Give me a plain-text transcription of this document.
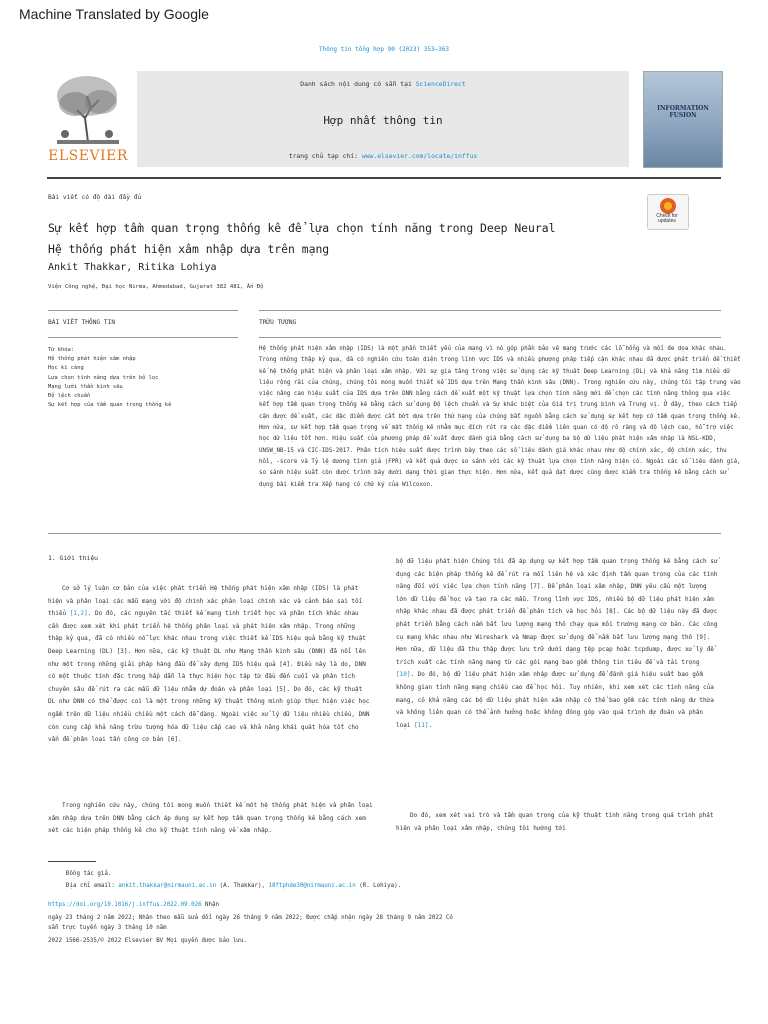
Machine Translated by Google
Thông tin tổng hợp 90 (2023) 353–363
ELSEVIER
Danh sách nội dung có sẵn tại ScienceDirect
Hợp nhất thông tin
trang chủ tạp chí: www.elsevier.com/locate/inffus
INFORMATION FUSION
Bài viết có độ dài đầy đủ
Sự kết hợp tầm quan trọng thống kê để lựa chọn tính năng trong Deep Neural
Hệ thống phát hiện xâm nhập dựa trên mạng
Ankit Thakkar, Ritika Lohiya
Viện Công nghệ, Đại học Nirma, Ahmedabad, Gujarat 382 481, Ấn Độ
Check for updates
BÀI VIẾT THÔNG TIN
Từ khóa:
Hệ thống phát hiện xâm nhập
Học kĩ càng
Lựa chọn tính năng dựa trên bộ lọc
Mạng lưới thần kinh sâu
Độ lệch chuẩn
Sự kết hợp của tầm quan trọng thống kê
TRỪU TƯỢNG
Hệ thống phát hiện xâm nhập (IDS) là một phần thiết yếu của mạng vì nó góp phần bảo vệ mạng trước các lỗ hổng và mối đe dọa khác nhau. Trong những thập kỷ qua, đã có nghiên cứu toàn diện trong lĩnh vực IDS và nhiều phương pháp tiếp cận khác nhau đã được phát triển để thiết kế hệ thống phát hiện và phân loại xâm nhập. Với sự gia tăng trong việc sử dụng các kỹ thuật Deep Learning (DL) và khả năng tìm hiểu dữ liệu rộng rãi của chúng, chúng tôi mong muốn thiết kế IDS dựa trên Mạng thần kinh sâu (DNN). Trong nghiên cứu này, chúng tôi tập trung vào việc nâng cao hiệu suất của IDS dựa trên DNN bằng cách đề xuất một kỹ thuật lựa chọn tính năng mới để chọn các tính năng thông qua việc kết hợp tầm quan trọng thống kê bằng cách sử dụng Độ lệch chuẩn và Sự khác biệt của Giá trị trung bình và Trung vị. Ở đây, theo cách tiếp cận được đề xuất, các đặc điểm được cắt bớt dựa trên thứ hạng của chúng bắt nguồn bằng cách sử dụng sự kết hợp có tầm quan trọng thống kê. Hơn nữa, sự kết hợp tầm quan trọng về mặt thống kê nhằm mục đích rút ra các đặc điểm liên quan có độ rõ ràng và độ lệch cao, hỗ trợ việc học dữ liệu tốt hơn. Hiệu suất của phương pháp đề xuất được đánh giá bằng cách sử dụng ba bộ dữ liệu phát hiện xâm nhập là NSL-KDD, UNSW_NB-15 và CIC-IDS-2017. Phân tích hiệu suất được trình bày theo các số liệu đánh giá khác nhau như độ chính xác, độ chính xác, thu hồi, -score và Tỷ lệ dương tính giả (FPR) và kết quả được so sánh với các kỹ thuật lựa chọn tính năng hiện có. Ngoài các số liệu đánh giá, so sánh hiệu suất còn được trình bày dưới dạng thời gian thực hiện. Hơn nữa, kết quả đạt được cũng được kiểm tra thống kê bằng cách sử dụng bài kiểm tra Xếp hạng có chữ ký của Wilcoxon.
1. Giới thiệu
Cơ sở lý luận cơ bản của việc phát triển Hệ thống phát hiện xâm nhập (IDS) là phát hiện và phân loại các mẫu mạng với độ chính xác phân loại chính xác và cảnh báo sai tối thiểu [1,2]. Do đó, các nguyên tắc thiết kế mạng tinh triết học và phân tích khác nhau cần được xem xét khi phát triển hệ thống phân loại và phát hiện xâm nhập. Trong những thập kỷ qua, đã có nhiều nỗ lực khác nhau trong việc thiết kế IDS hiệu quả bằng kỹ thuật Deep Learning (DL) [3]. Hơn nữa, các kỹ thuật DL như Mạng thần kinh sâu (DNN) đã nổi lên như một trong những giải pháp hàng đầu để xây dựng IDS hiệu quả [4]. Điều này là do, DNN có một thuộc tính đặc trưng hấp dẫn là thực hiện học tập từ đầu đến cuối và phân tích chuyên sâu để rút ra các mẫu dữ liệu nhằm dự đoán và phân loại [5]. Do đó, các kỹ thuật DL như DNN có thể được coi là một trong những kỹ thuật thông minh giúp thực hiện việc học ngầm trên dữ liệu nhiều chiều một cách dễ dàng. Ngoài việc xử lý dữ liệu nhiều chiều, DNN còn cung cấp khả năng trừu tượng hóa dữ liệu cấp cao và khả năng khái quát hóa tốt cho vấn đề phân loại tấn công cơ bản [6].
Trong nghiên cứu này, chúng tôi mong muốn thiết kế một hệ thống phát hiện và phân loại xâm nhập dựa trên DNN bằng cách áp dụng sự kết hợp tầm quan trọng thống kê bằng cách xem xét các biện pháp thống kê cho kỹ thuật tính năng về xâm nhập.
bộ dữ liệu phát hiện Chúng tôi đã áp dụng sự kết hợp tầm quan trọng thống kê bằng cách sử dụng các biện pháp thống kê để rút ra mối liên hệ và xác định tầm quan trọng của các tính năng đối với việc lựa chọn tính năng [7]. Để phân loại xâm nhập, DNN yêu cầu một lượng lớn dữ liệu để học và tạo ra các mẫu. Trong lĩnh vực IDS, nhiều bộ dữ liệu phát hiện xâm nhập khác nhau đã được phát triển để phân tích và học hỏi [8]. Các bộ dữ liệu này đã được phát triển bằng cách nắm bắt lưu lượng mạng thô chạy qua môi trường mạng cơ bản. Các công cụ mạng khác nhau như Wireshark và Nmap được sử dụng để nắm bắt lưu lượng mạng thô [9]. Hơn nữa, dữ liệu đã thu thập được lưu trữ dưới dạng tệp pcap hoặc tcpdump, được xử lý để trích xuất các tính năng mạng từ các gói mạng bao gồm thông tin tiêu đề và tải trọng [10]. Do đó, bộ dữ liệu phát hiện xâm nhập được sử dụng để đánh giá hiệu suất bao gồm không gian tính năng mạng chiều cao để học hỏi. Tuy nhiên, khi xem xét các tính năng của mạng, có khả năng các bộ dữ liệu phát hiện xâm nhập có thể bao gồm các tính năng dư thừa và không liên quan có thể ảnh hưởng hoặc không đóng góp vào quá trình dự đoán và phân loại [11].
Do đó, xem xét vai trò và tầm quan trọng của kỹ thuật tính năng trong quá trình phát hiện và phân loại xâm nhập, chúng tôi hướng tới
Đồng tác giả.
Địa chỉ email: ankit.thakkar@nirmauni.ac.in (A. Thakkar), 18ftphde30@nirmauni.ac.in (R. Lohiya).
https://doi.org/10.1016/j.inffus.2022.09.026 Nhận
ngày 23 tháng 2 năm 2022; Nhận theo mẫu sửa đổi ngày 26 tháng 9 năm 2022; Được chấp nhận ngày 28 tháng 9 năm 2022 Có
sẵn trực tuyến ngày 3 tháng 10 năm
2022 1566-2535/© 2022 Elsevier BV Mọi quyền được bảo lưu.
